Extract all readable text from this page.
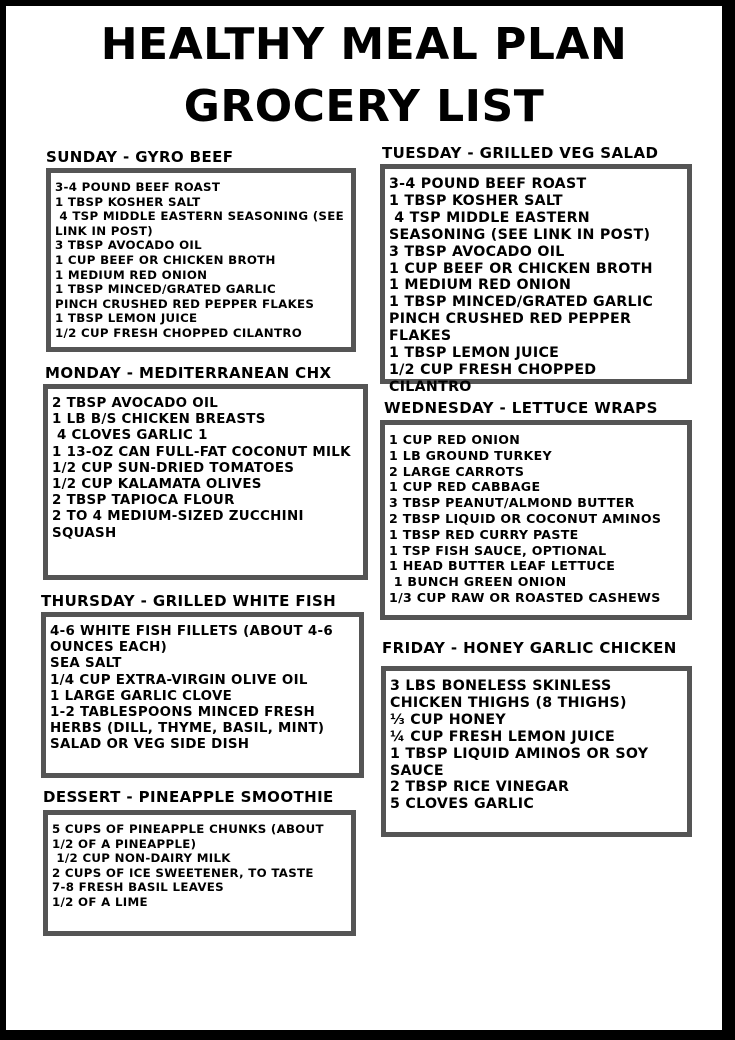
HEALTHY MEAL PLAN
GROCERY LIST
SUNDAY - GYRO BEEF
3-4 POUND BEEF ROAST
1 TBSP KOSHER SALT
4 TSP MIDDLE EASTERN SEASONING (SEE LINK IN POST)
3 TBSP AVOCADO OIL
1 CUP BEEF OR CHICKEN BROTH
1 MEDIUM RED ONION
1 TBSP MINCED/GRATED GARLIC
PINCH CRUSHED RED PEPPER FLAKES
1 TBSP LEMON JUICE
1/2 CUP FRESH CHOPPED CILANTRO
MONDAY - MEDITERRANEAN CHX
2 TBSP AVOCADO OIL
1 LB B/S CHICKEN BREASTS
4 CLOVES GARLIC 1
1 13-OZ CAN FULL-FAT COCONUT MILK
1/2 CUP SUN-DRIED TOMATOES
1/2 CUP KALAMATA OLIVES
2 TBSP TAPIOCA FLOUR
2 TO 4 MEDIUM-SIZED ZUCCHINI SQUASH
THURSDAY - GRILLED WHITE FISH
4-6 WHITE FISH FILLETS (ABOUT 4-6 OUNCES EACH)
SEA SALT
1/4 CUP EXTRA-VIRGIN OLIVE OIL
1 LARGE GARLIC CLOVE
1-2 TABLESPOONS MINCED FRESH HERBS (DILL, THYME, BASIL, MINT)
SALAD OR VEG SIDE DISH
DESSERT - PINEAPPLE SMOOTHIE
5 CUPS OF PINEAPPLE CHUNKS (ABOUT 1/2 OF A PINEAPPLE)
1/2 CUP NON-DAIRY MILK
2 CUPS OF ICE SWEETENER, TO TASTE
7-8 FRESH BASIL LEAVES
1/2 OF A LIME
TUESDAY - GRILLED VEG SALAD
3-4 POUND BEEF ROAST
1 TBSP KOSHER SALT
4 TSP MIDDLE EASTERN SEASONING (SEE LINK IN POST)
3 TBSP AVOCADO OIL
1 CUP BEEF OR CHICKEN BROTH
1 MEDIUM RED ONION
1 TBSP MINCED/GRATED GARLIC
PINCH CRUSHED RED PEPPER FLAKES
1 TBSP LEMON JUICE
1/2 CUP FRESH CHOPPED CILANTRO
WEDNESDAY - LETTUCE WRAPS
1 CUP RED ONION
1 LB GROUND TURKEY
2 LARGE CARROTS
1 CUP RED CABBAGE
3 TBSP PEANUT/ALMOND BUTTER
2 TBSP LIQUID OR COCONUT AMINOS
1 TBSP RED CURRY PASTE
1 TSP FISH SAUCE, OPTIONAL
1 HEAD BUTTER LEAF LETTUCE
1 BUNCH GREEN ONION
1/3 CUP RAW OR ROASTED CASHEWS
FRIDAY - HONEY GARLIC CHICKEN
3 LBS BONELESS SKINLESS CHICKEN THIGHS (8 THIGHS)
⅓ CUP HONEY
¼ CUP FRESH LEMON JUICE
1 TBSP LIQUID AMINOS OR SOY SAUCE
2 TBSP RICE VINEGAR
5 CLOVES GARLIC
